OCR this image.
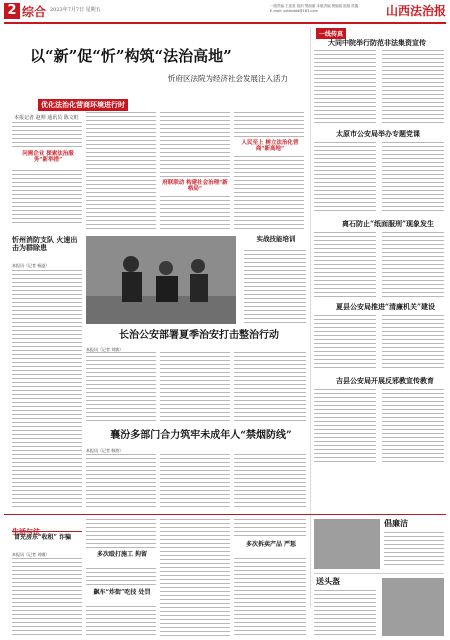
2 综合 2023年7月7日 星期五
一版责编 王迎星 组织 樊丽丽 本版责编 樊丽丽 组版 侯鑫
E-mail: sxfzbddd@163.com	山西法治报
以“新”促“忻”构筑“法治高地”
忻府区法院为经济社会发展注入活力
优化法治化营商环境进行时
本报记者 赵帅 通讯员 陈文虹
问需企业 探索法治服务“新举措”
府联联动 构建社会治理“新格局”
人民至上 树立法治化营商“新高地”
一线传真
大同中院举行防范非法集资宣传
太原市公安局举办专题党课
离石防止“纸面服刑”现象发生
夏县公安局推进“清廉机关”建设
吉县公安局开展反邪教宣传教育
忻州消防支队 火速出击为群除患
本报讯（记者 杨溢）
实战技能培训
长治公安部署夏季治安打击整治行动
本报讯（记者 刘敏）
襄汾多部门合力筑牢未成年人“禁烟防线”
本报讯（记者 韩波）
生活与法
冒充房东“收租” 诈骗
本报讯（记者 刘娜）	多次殴打施工 拘留
飙车“炸街”吃技 处罚
多次拆卖产品 严惩
倡廉洁
送头盔
